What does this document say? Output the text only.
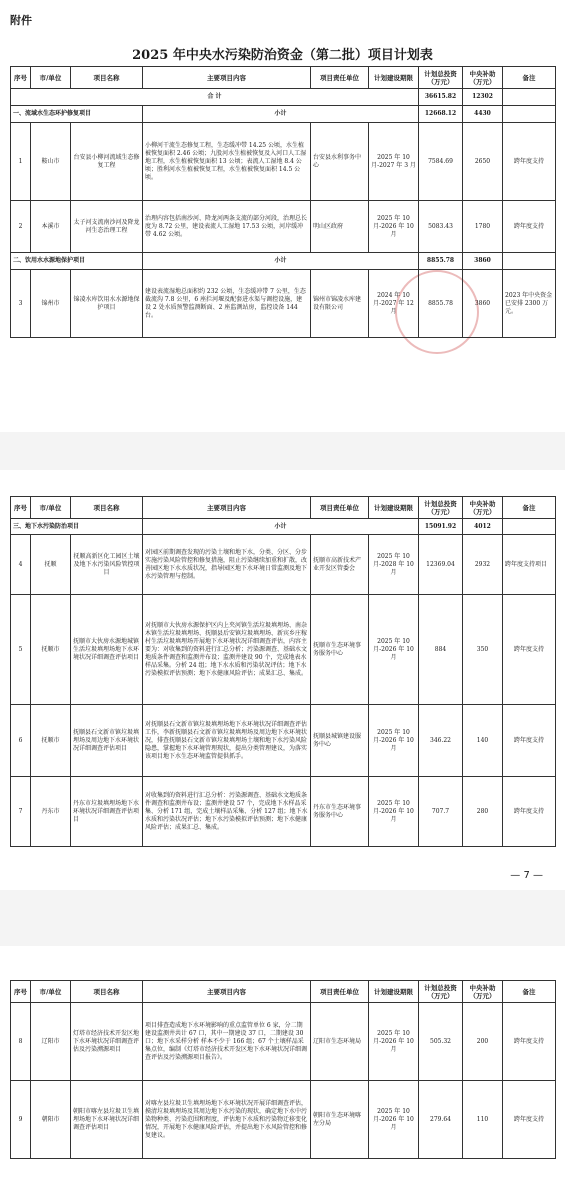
附件
2025 年中央水污染防治资金（第二批）项目计划表
序号	市/单位	项目名称	主要项目内容	项目责任单位	计划建设期限	计划总投资（万元）	中央补助（万元）	备注
合 计						36615.82	12302	
一、流域水生态环护修复项目			小计			12668.12	4430	
1	鞍山市	台安县小柳河流域生态修复工程	小柳河干流生态修复工程，生态缓冲带 14.25 公顷，水生植被恢复面积 2.46 公顷；九股河水生植被恢复及入河口人工湿地工程，水生植被恢复面积 13 公顷；表流人工湿地 8.4 公顷；胜利河水生植被恢复工程，水生植被恢复面积 14.5 公顷。	台安县水利事务中心	2025 年 10 月-2027 年 3 月	7584.69	2650	跨年度支持
2	本溪市	太子河支流南沙河及降龙河生态治理工程	治理内容包括南沙河、降龙河两条支流的部分河段，治理总长度为 8.72 公里，建设表流人工湿地 17.53 公顷，河岸缓冲带 4.62 公顷。	明山区政府	2025 年 10 月-2026 年 10 月	5083.43	1780	跨年度支持
二、饮用水水源地保护项目			小计			8855.78	3860	
3	锦州市	锦凌水库饮用水水源地保护项目	建设表流湿地总面积约 232 公顷，生态缓冲带 7 公里，生态截流沟 7.8 公里，6 座拦河堰及配套进水渠与调控设施，建设 2 处水质预警监测断面、2 座监测站房，监控设备 144 台。	锦州市锦凌水库建设有限公司	2024 年 10 月-2027 年 12 月	8855.78	3860	2023 年中央资金已安排 2300 万元。
序号	市/单位	项目名称	主要项目内容	项目责任单位	计划建设期限	计划总投资（万元）	中央补助（万元）	备注
三、地下水污染防治项目			小计			15091.92	4012	
4	抚顺	抚顺高新区化工园区土壤及地下水污染风险管控项目	对园区前期调查发现的污染土壤和地下水，分类、分区、分步实施污染风险管控和修复措施，阻止污染继续加重和扩散，改善园区地下水水质状况，指导园区地下水环境日常监测及地下水污染管理与控制。	抚顺市高新技术产业开发区管委会	2025 年 10 月-2028 年 10 月	12369.04	2932	跨年度支持项目
5	抚顺市	抚顺市大伙房水源地城镇生活垃圾填埋场地下水环境状况详细调查评估项目	对抚顺市大伙房水源保护区内上夹河镇生活垃圾填埋场、南杂木镇生活垃圾填埋场、抚顺县后安镇垃圾填埋场、新宾乡庄稼村生活垃圾填埋场开展地下水环境状况详细调查评估，内容主要为：对收集到的资料进行汇总分析；污染源调查、基础水文地质条件调查和监测井布设；监测井建设 90 个，完成地表水样品采集。分析 24 组；地下水水质和污染状况评估；地下水污染模拟评估预测；地下水健康风险评估；成果汇总、集成。	抚顺市生态环境事务服务中心	2025 年 10 月-2026 年 10 月	884	350	跨年度支持
6	抚顺市	抚顺县石文新市镇垃圾填埋场及周边地下水环境状况详细调查评估项目	对抚顺县石文新市镇垃圾填埋场地下水环境状况详细调查评估工作，李新抚顺县石文新市镇垃圾填埋场及周边地下水环境状况，排查抚顺县石文新市镇垃圾填埋场土壤和地下水污染风险隐患，掌握地下水环境管理现状，提出分类管理建议，为落实该项目地下水生态环境监管提供抓手。	抚顺县城镇建设服务中心	2025 年 10 月-2026 年 10 月	346.22	140	跨年度支持
7	丹东市	丹东市垃圾填埋场地下水环境状况详细调查评估项目	对收集到的资料进行汇总分析：污染源调查、基础水文地质条件调查和监测井布设；监测井建设 57 个，完成地下水样品采集、分析 171 组，完成土壤样品采集、分析 127 组；地下水水质和污染状况评估；地下水污染模拟评估预测；地下水健康风险评估；成果汇总、集成。	丹东市生态环境事务服务中心	2025 年 10 月-2026 年 10 月	707.7	280	跨年度支持
— 7 —
序号	市/单位	项目名称	主要项目内容	项目责任单位	计划建设期限	计划总投资（万元）	中央补助（万元）	备注
8	辽阳市	灯塔市经济技术开发区地下水环境状况详细调查评估及污染溯源项目	项目排查造成地下水环境影响的重点监管单位 6 家，分二期建设监测井共计 67 口，其中一期建设 37 口，二期建设 30 口；地下水采样分析 样本不少于 166 组；67 个土壤样品采集点位，编制《灯塔市经济技术开发区地下水环境状况详细调查评估及污染溯源项目报告》。	辽阳市生态环境局	2025 年 10 月-2026 年 10 月	505.32	200	跨年度支持
9	朝阳市	朝阳市喀左县垃圾卫生填埋场地下水环境状况详细调查评估项目	对喀左县垃圾卫生填埋场地下水环境状况开展详细调查评估，摸清垃圾填埋场及其周边地下水污染的现状，确定地下水中污染物种类、污染范围和程度，评估地下水质和污染物迁移变化情况，开展地下水健康风险评估，并提出地下水风险管控和修复建议。	朝阳市生态环境喀左分局	2025 年 10 月-2026 年 10 月	279.64	110	跨年度支持
